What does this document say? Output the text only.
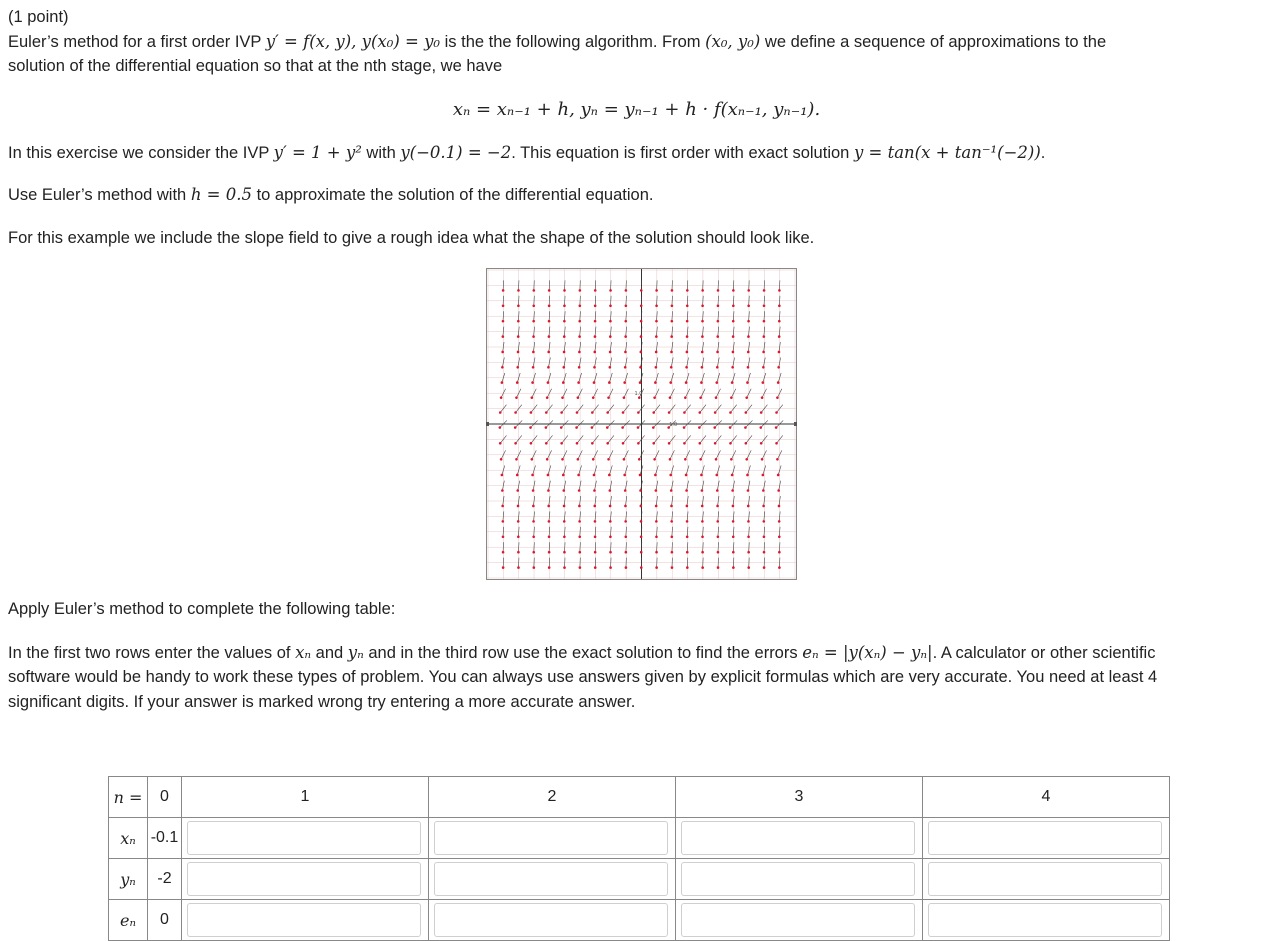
(1 point)

Euler’s method for a first order IVP y′ = f(x, y), y(x₀) = y₀ is the the following algorithm. From (x₀, y₀) we define a sequence of approximations to the

solution of the differential equation so that at the nth stage, we have

xₙ = xₙ₋₁ + h, yₙ = yₙ₋₁ + h · f(xₙ₋₁, yₙ₋₁).

In this exercise we consider the IVP y′ = 1 + y² with y(−0.1) = −2. This equation is first order with exact solution y = tan(x + tan⁻¹(−2)).

Use Euler’s method with h = 0.5 to approximate the solution of the differential equation.

For this example we include the slope field to give a rough idea what the shape of the solution should look like.

1.0
1.0

Apply Euler’s method to complete the following table:

In the first two rows enter the values of xₙ and yₙ and in the third row use the exact solution to find the errors eₙ = |y(xₙ) − yₙ|. A calculator or other scientific

software would be handy to work these types of problem. You can always use answers given by explicit formulas which are very accurate. You need at least 4

significant digits. If your answer is marked wrong try entering a more accurate answer.

n =	0	1	2	3	4
xₙ	-0.1	

yₙ	-2	

eₙ	0	
